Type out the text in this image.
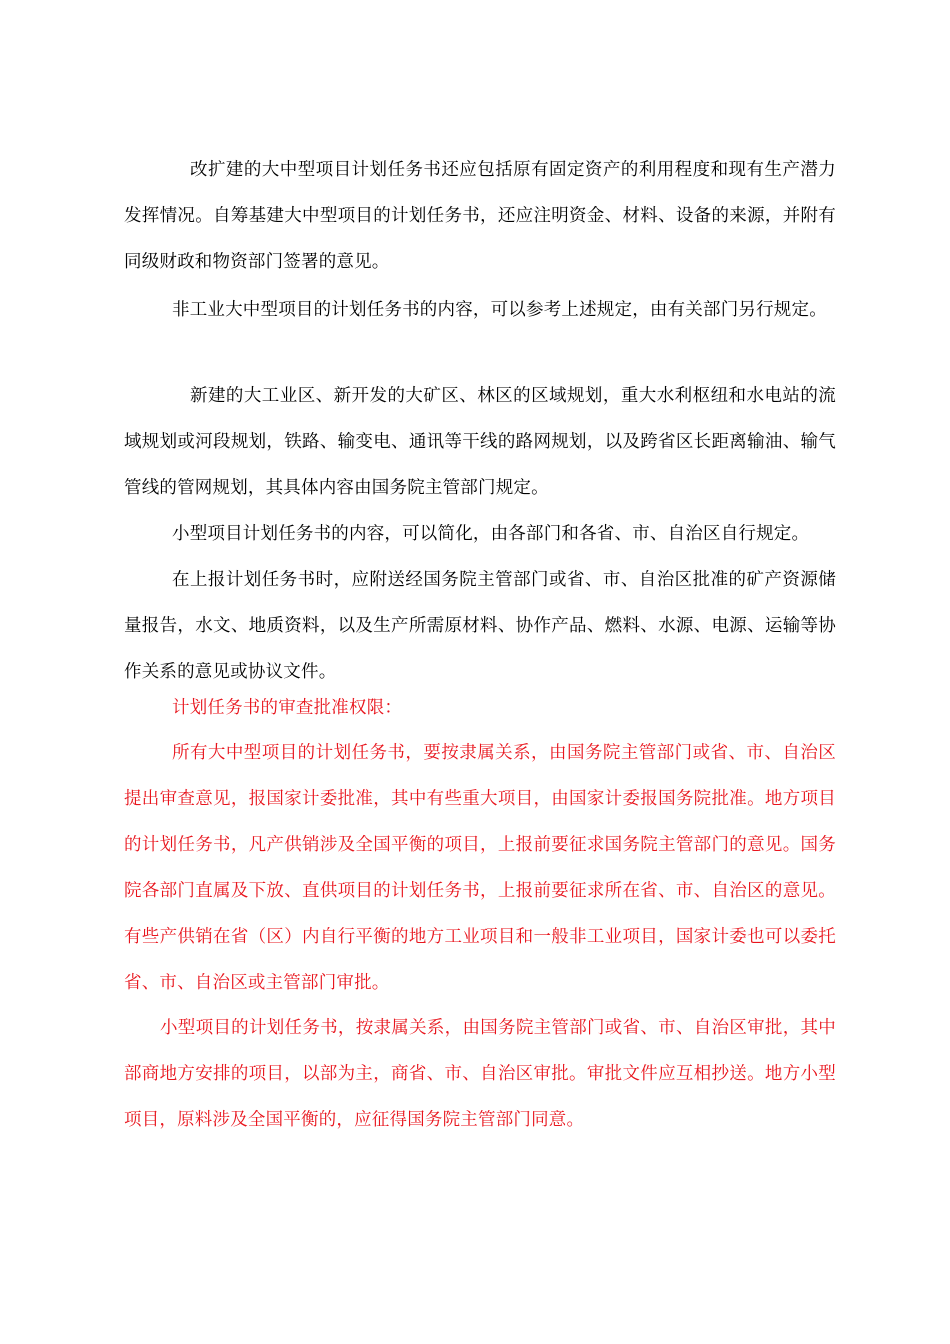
改扩建的大中型项目计划任务书还应包括原有固定资产的利用程度和现有生产潜力发挥情况。自筹基建大中型项目的计划任务书，还应注明资金、材料、设备的来源，并附有同级财政和物资部门签署的意见。

非工业大中型项目的计划任务书的内容，可以参考上述规定，由有关部门另行规定。

新建的大工业区、新开发的大矿区、林区的区域规划，重大水利枢纽和水电站的流域规划或河段规划，铁路、输变电、通讯等干线的路网规划，以及跨省区长距离输油、输气管线的管网规划，其具体内容由国务院主管部门规定。

小型项目计划任务书的内容，可以简化，由各部门和各省、市、自治区自行规定。

在上报计划任务书时，应附送经国务院主管部门或省、市、自治区批准的矿产资源储量报告，水文、地质资料，以及生产所需原材料、协作产品、燃料、水源、电源、运输等协作关系的意见或协议文件。

计划任务书的审查批准权限：

所有大中型项目的计划任务书，要按隶属关系，由国务院主管部门或省、市、自治区提出审查意见，报国家计委批准，其中有些重大项目，由国家计委报国务院批准。地方项目的计划任务书，凡产供销涉及全国平衡的项目，上报前要征求国务院主管部门的意见。国务院各部门直属及下放、直供项目的计划任务书，上报前要征求所在省、市、自治区的意见。有些产供销在省（区）内自行平衡的地方工业项目和一般非工业项目，国家计委也可以委托省、市、自治区或主管部门审批。

小型项目的计划任务书，按隶属关系，由国务院主管部门或省、市、自治区审批，其中部商地方安排的项目，以部为主，商省、市、自治区审批。审批文件应互相抄送。地方小型项目，原料涉及全国平衡的，应征得国务院主管部门同意。
